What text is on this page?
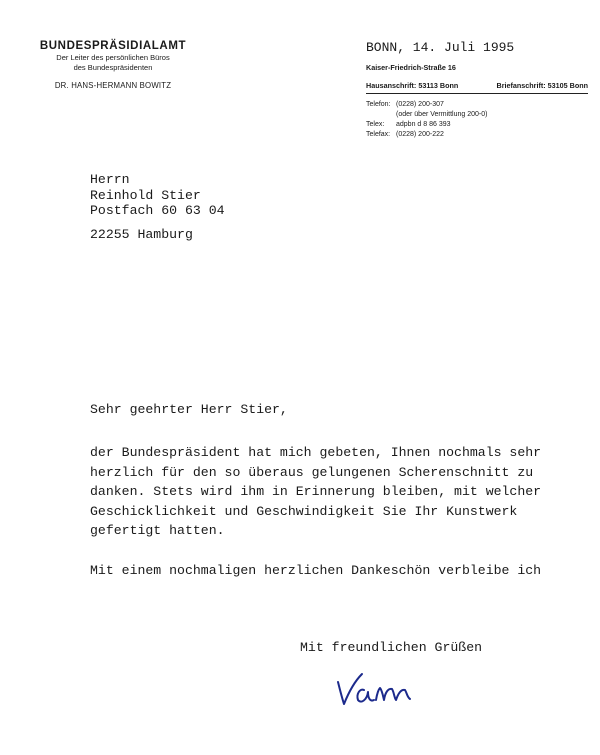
BUNDESPRÄSIDIALAMT
Der Leiter des persönlichen Büros
des Bundespräsidenten
DR. HANS-HERMANN BOWITZ
BONN, 14. Juli 1995
Kaiser-Friedrich-Straße 16
Hausanschrift: 53113 Bonn	Briefanschrift: 53105 Bonn
Telefon: (0228) 200-307
(oder über Vermittlung 200-0)
Telex: adpbn d 8 86 393
Telefax: (0228) 200-222
Herrn
Reinhold Stier
Postfach 60 63 04
22255 Hamburg
Sehr geehrter Herr Stier,
der Bundespräsident hat mich gebeten, Ihnen nochmals sehr
herzlich für den so überaus gelungenen Scherenschnitt zu
danken. Stets wird ihm in Erinnerung bleiben, mit welcher
Geschicklichkeit und Geschwindigkeit Sie Ihr Kunstwerk
gefertigt hatten.
Mit einem nochmaligen herzlichen Dankeschön verbleibe ich
Mit freundlichen Grüßen
